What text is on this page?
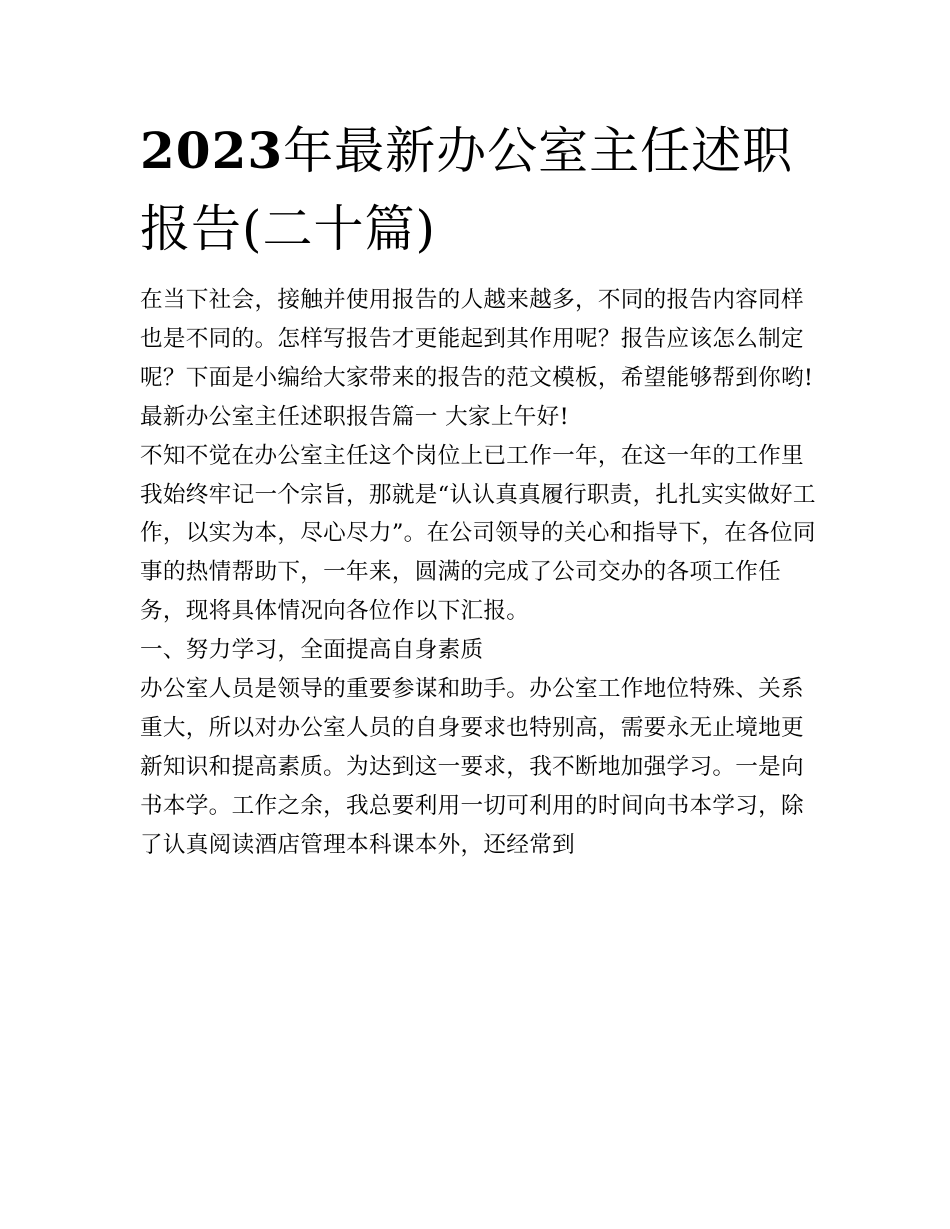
2023年最新办公室主任述职报告(二十篇)

在当下社会，接触并使用报告的人越来越多，不同的报告内容同样也是不同的。怎样写报告才更能起到其作用呢？报告应该怎么制定呢？下面是小编给大家带来的报告的范文模板，希望能够帮到你哟!

最新办公室主任述职报告篇一 大家上午好!

不知不觉在办公室主任这个岗位上已工作一年，在这一年的工作里我始终牢记一个宗旨，那就是“认认真真履行职责，扎扎实实做好工作，以实为本，尽心尽力”。在公司领导的关心和指导下，在各位同事的热情帮助下，一年来，圆满的完成了公司交办的各项工作任务，现将具体情况向各位作以下汇报。

一、努力学习，全面提高自身素质

办公室人员是领导的重要参谋和助手。办公室工作地位特殊、关系重大，所以对办公室人员的自身要求也特别高，需要永无止境地更新知识和提高素质。为达到这一要求，我不断地加强学习。一是向书本学。工作之余，我总要利用一切可利用的时间向书本学习，除了认真阅读酒店管理本科课本外，还经常到
